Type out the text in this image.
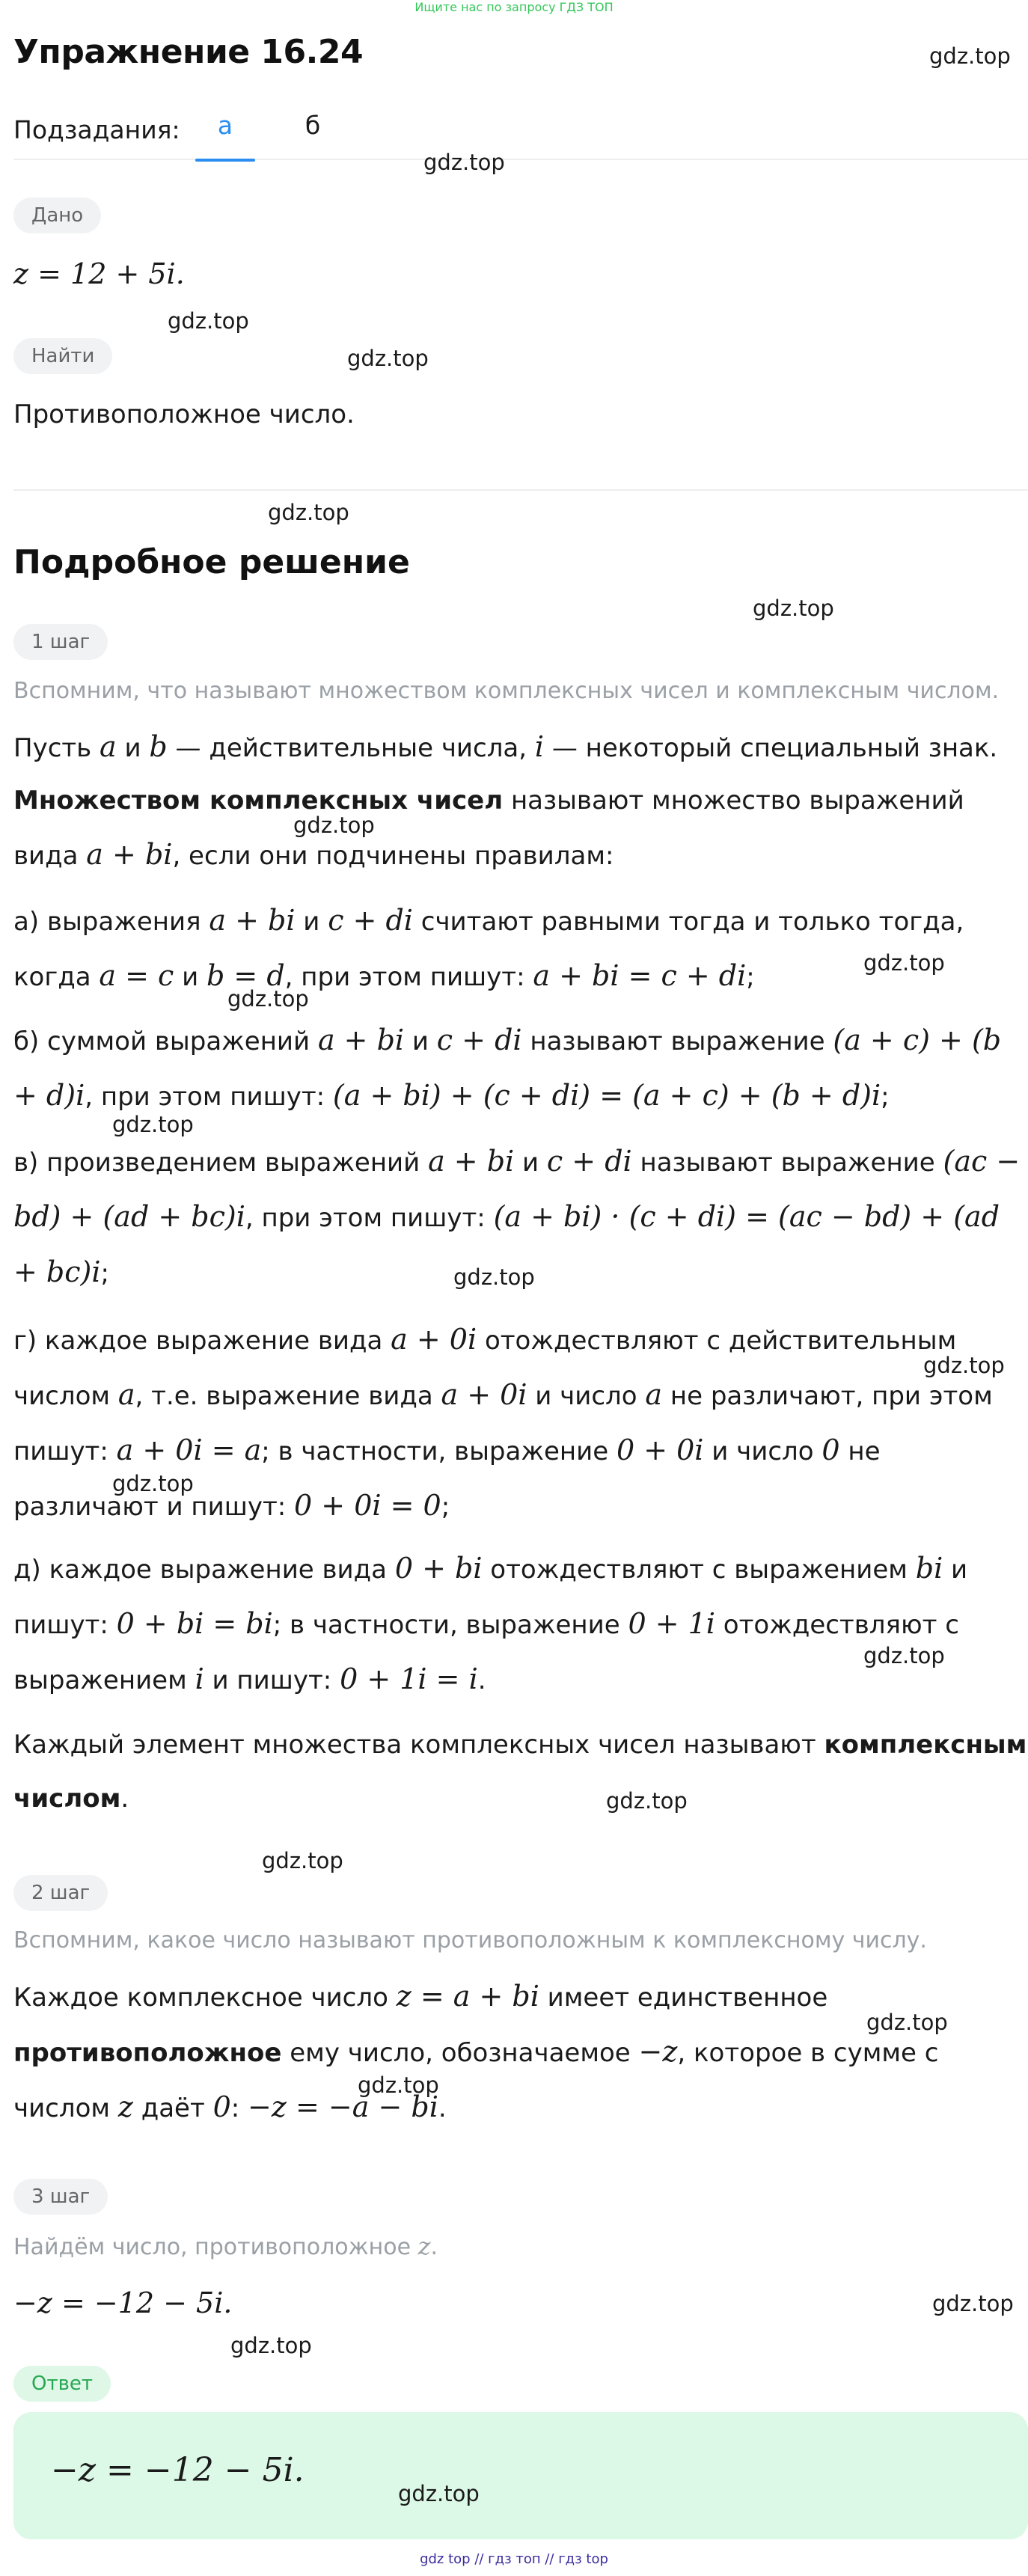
Ищите нас по запросу ГДЗ ТОП
Упражнение 16.24	gdz.top
Подзадания:	а	б
gdz.top
Дано
z = 12 + 5i.
gdz.top
Найти	gdz.top
Противоположное число.
gdz.top
Подробное решение
gdz.top
1 шаг
Вспомним, что называют множеством комплексных чисел и комплексным числом.
Пусть a и b — действительные числа, i — некоторый специальный знак.
Множеством комплексных чисел называют множество выражений вида a + bi, если они подчинены правилам:
gdz.top
а) выражения a + bi и c + di считают равными тогда и только тогда, когда a = c и b = d, при этом пишут: a + bi = c + di;	gdz.top
gdz.top
б) суммой выражений a + bi и c + di называют выражение (a + c) + (b + d)i, при этом пишут: (a + bi) + (c + di) = (a + c) + (b + d)i;
gdz.top
в) произведением выражений a + bi и c + di называют выражение (ac − bd) + (ad + bc)i, при этом пишут: (a + bi) · (c + di) = (ac − bd) + (ad + bc)i;	gdz.top
г) каждое выражение вида a + 0i отождествляют с действительным числом a, т.е. выражение вида a + 0i и число a не различают, при этом пишут: a + 0i = a; в частности, выражение 0 + 0i и число 0 не различают и пишут: 0 + 0i = 0;
gdz.top
gdz.top
д) каждое выражение вида 0 + bi отождествляют с выражением bi и пишут: 0 + bi = bi; в частности, выражение 0 + 1i отождествляют с выражением i и пишут: 0 + 1i = i.
gdz.top
Каждый элемент множества комплексных чисел называют комплексным числом.	gdz.top
gdz.top
2 шаг
Вспомним, какое число называют противоположным к комплексному числу.
Каждое комплексное число z = a + bi имеет единственное противоположное ему число, обозначаемое −z, которое в сумме с числом z даёт 0: −z = −a − bi.
gdz.top
gdz.top
3 шаг
Найдём число, противоположное z.
−z = −12 − 5i.	gdz.top
gdz.top
Ответ
−z = −12 − 5i.
gdz.top
gdz top // гдз топ // гдз top
